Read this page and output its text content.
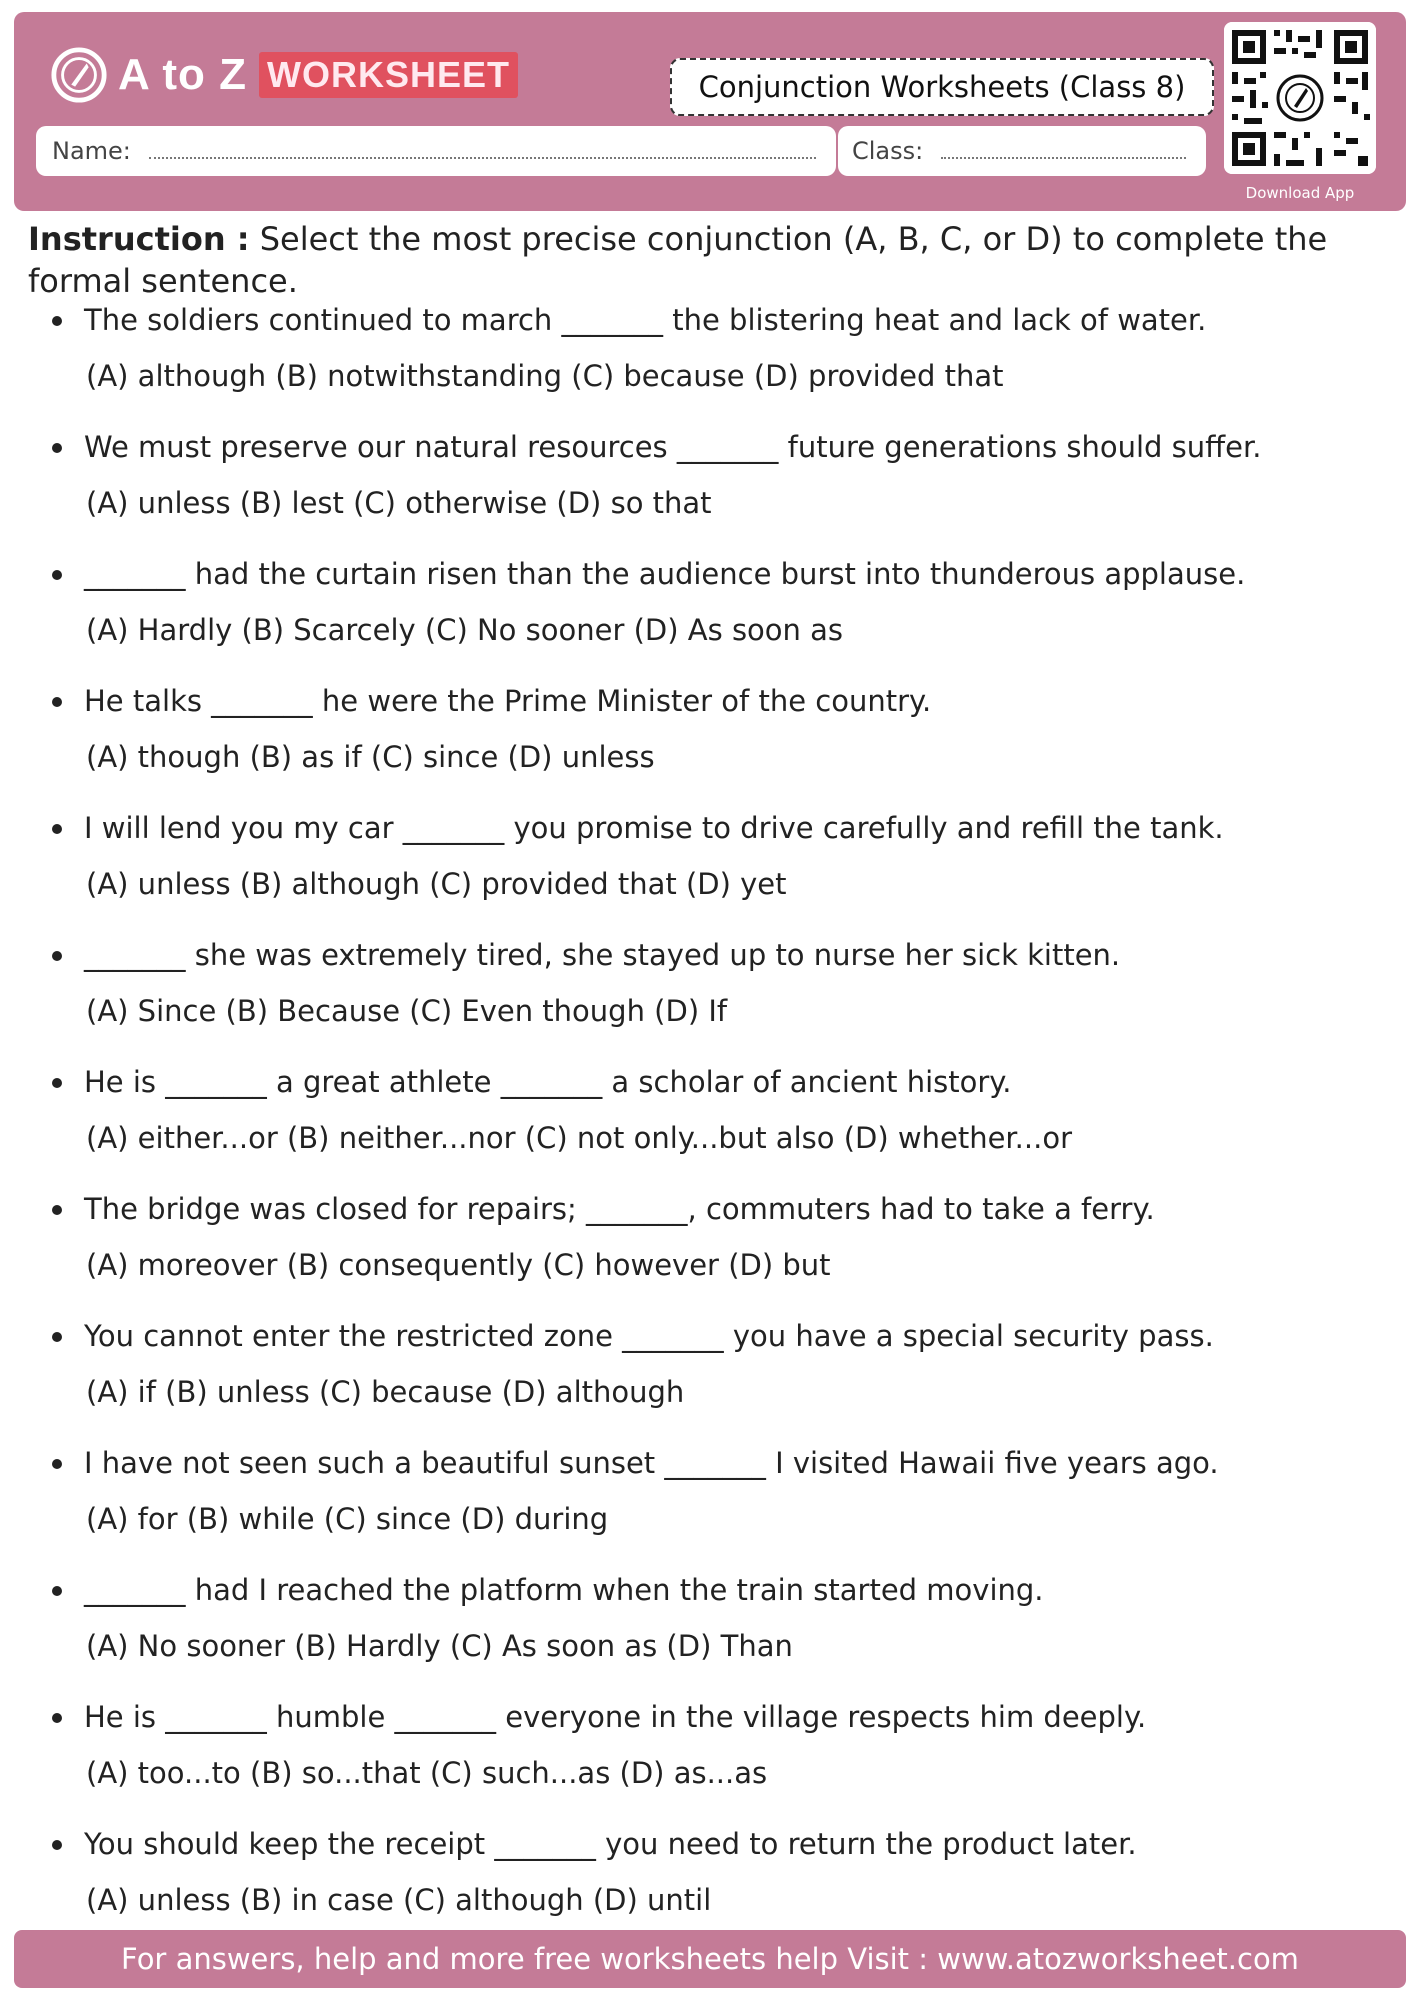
A to Z WORKSHEET	Conjunction Worksheets (Class 8)
Name:	Class:
Download App
Instruction : Select the most precise conjunction (A, B, C, or D) to complete the formal sentence.
The soldiers continued to march _______ the blistering heat and lack of water.
(A) although (B) notwithstanding (C) because (D) provided that
We must preserve our natural resources _______ future generations should suffer.
(A) unless (B) lest (C) otherwise (D) so that
_______ had the curtain risen than the audience burst into thunderous applause.
(A) Hardly (B) Scarcely (C) No sooner (D) As soon as
He talks _______ he were the Prime Minister of the country.
(A) though (B) as if (C) since (D) unless
I will lend you my car _______ you promise to drive carefully and refill the tank.
(A) unless (B) although (C) provided that (D) yet
_______ she was extremely tired, she stayed up to nurse her sick kitten.
(A) Since (B) Because (C) Even though (D) If
He is _______ a great athlete _______ a scholar of ancient history.
(A) either...or (B) neither...nor (C) not only...but also (D) whether...or
The bridge was closed for repairs; _______, commuters had to take a ferry.
(A) moreover (B) consequently (C) however (D) but
You cannot enter the restricted zone _______ you have a special security pass.
(A) if (B) unless (C) because (D) although
I have not seen such a beautiful sunset _______ I visited Hawaii five years ago.
(A) for (B) while (C) since (D) during
_______ had I reached the platform when the train started moving.
(A) No sooner (B) Hardly (C) As soon as (D) Than
He is _______ humble _______ everyone in the village respects him deeply.
(A) too...to (B) so...that (C) such...as (D) as...as
You should keep the receipt _______ you need to return the product later.
(A) unless (B) in case (C) although (D) until
For answers, help and more free worksheets help Visit : www.atozworksheet.com
